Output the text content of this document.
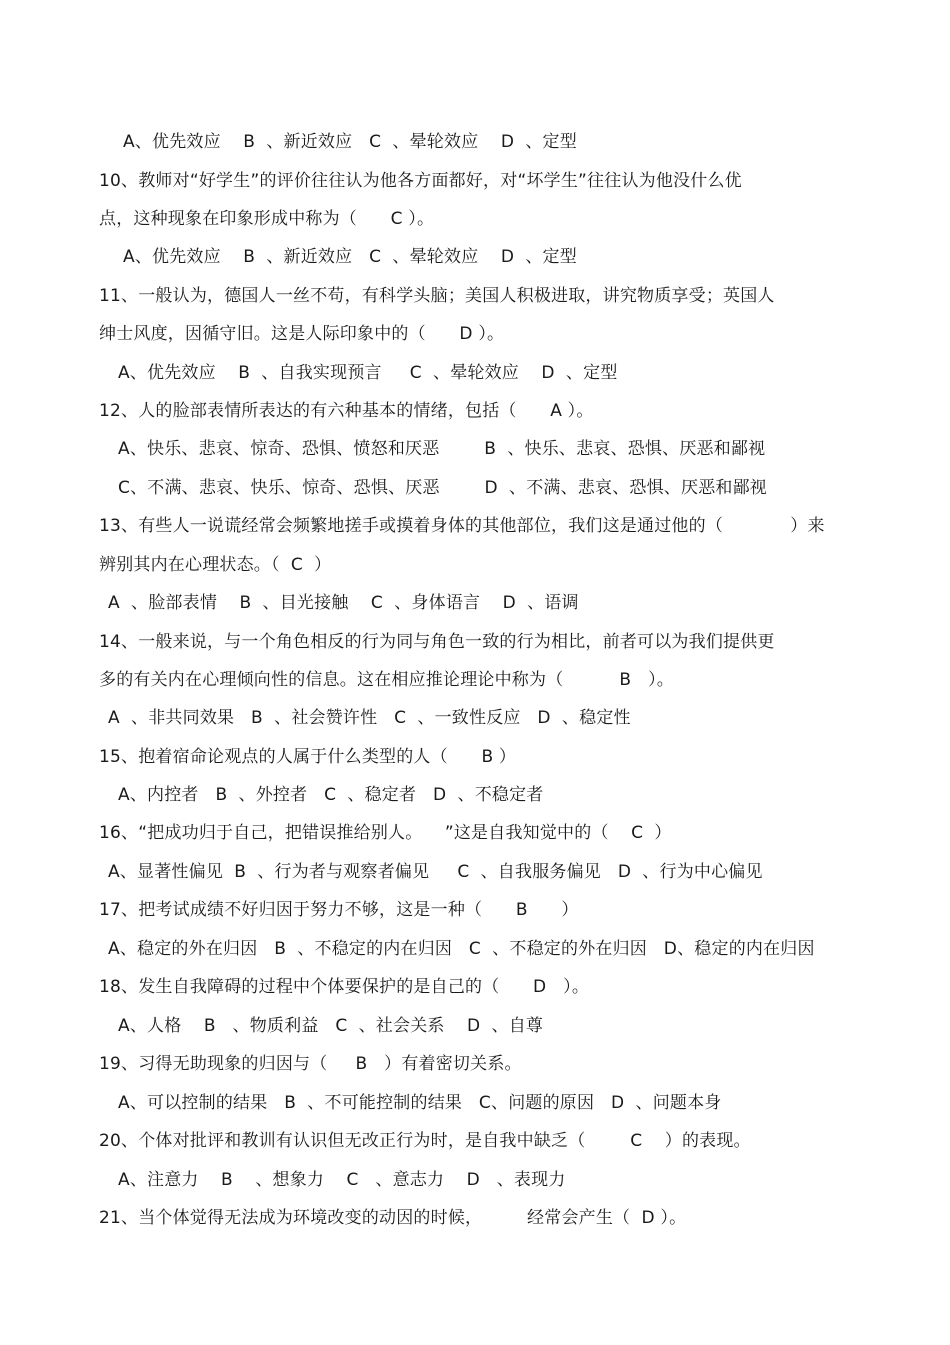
A、优先效应    B  、新近效应   C  、晕轮效应    D  、定型
10、教师对“好学生”的评价往往认为他各方面都好，对“坏学生”往往认为他没什么优
点，这种现象在印象形成中称为（      C ）。
A、优先效应    B  、新近效应   C  、晕轮效应    D  、定型
11、一般认为，德国人一丝不苟，有科学头脑；美国人积极进取，讲究物质享受；英国人
绅士风度，因循守旧。这是人际印象中的（      D ）。
A、优先效应    B  、自我实现预言     C  、晕轮效应    D  、定型
12、人的脸部表情所表达的有六种基本的情绪，包括（      A ）。
A、快乐、悲哀、惊奇、恐惧、愤怒和厌恶        B  、快乐、悲哀、恐惧、厌恶和鄙视
C、不满、悲哀、快乐、惊奇、恐惧、厌恶        D  、不满、悲哀、恐惧、厌恶和鄙视
13、有些人一说谎经常会频繁地搓手或摸着身体的其他部位，我们这是通过他的（            ）来
辨别其内在心理状态。（  C  ）
A  、脸部表情    B  、目光接触    C  、身体语言    D  、语调
14、一般来说，与一个角色相反的行为同与角色一致的行为相比，前者可以为我们提供更
多的有关内在心理倾向性的信息。这在相应推论理论中称为（          B   ）。
A  、非共同效果   B  、社会赞许性   C  、一致性反应   D  、稳定性
15、抱着宿命论观点的人属于什么类型的人（      B ）
A、内控者   B  、外控者   C  、稳定者   D  、不稳定者
16、“把成功归于自己，把错误推给别人。    ”这是自我知觉中的（    C  ）
A、显著性偏见  B  、行为者与观察者偏见     C  、自我服务偏见   D  、行为中心偏见
17、把考试成绩不好归因于努力不够，这是一种（      B      ）
A、稳定的外在归因   B  、不稳定的内在归因   C  、不稳定的外在归因   D、稳定的内在归因
18、发生自我障碍的过程中个体要保护的是自己的（      D   ）。
A、人格    B   、物质利益   C  、社会关系    D  、自尊
19、习得无助现象的归因与（     B   ）有着密切关系。
A、可以控制的结果   B  、不可能控制的结果   C、问题的原因   D  、问题本身
20、个体对批评和教训有认识但无改正行为时，是自我中缺乏（        C    ）的表现。
A、注意力    B    、想象力    C   、意志力    D   、表现力
21、当个体觉得无法成为环境改变的动因的时候，        经常会产生（  D ）。
